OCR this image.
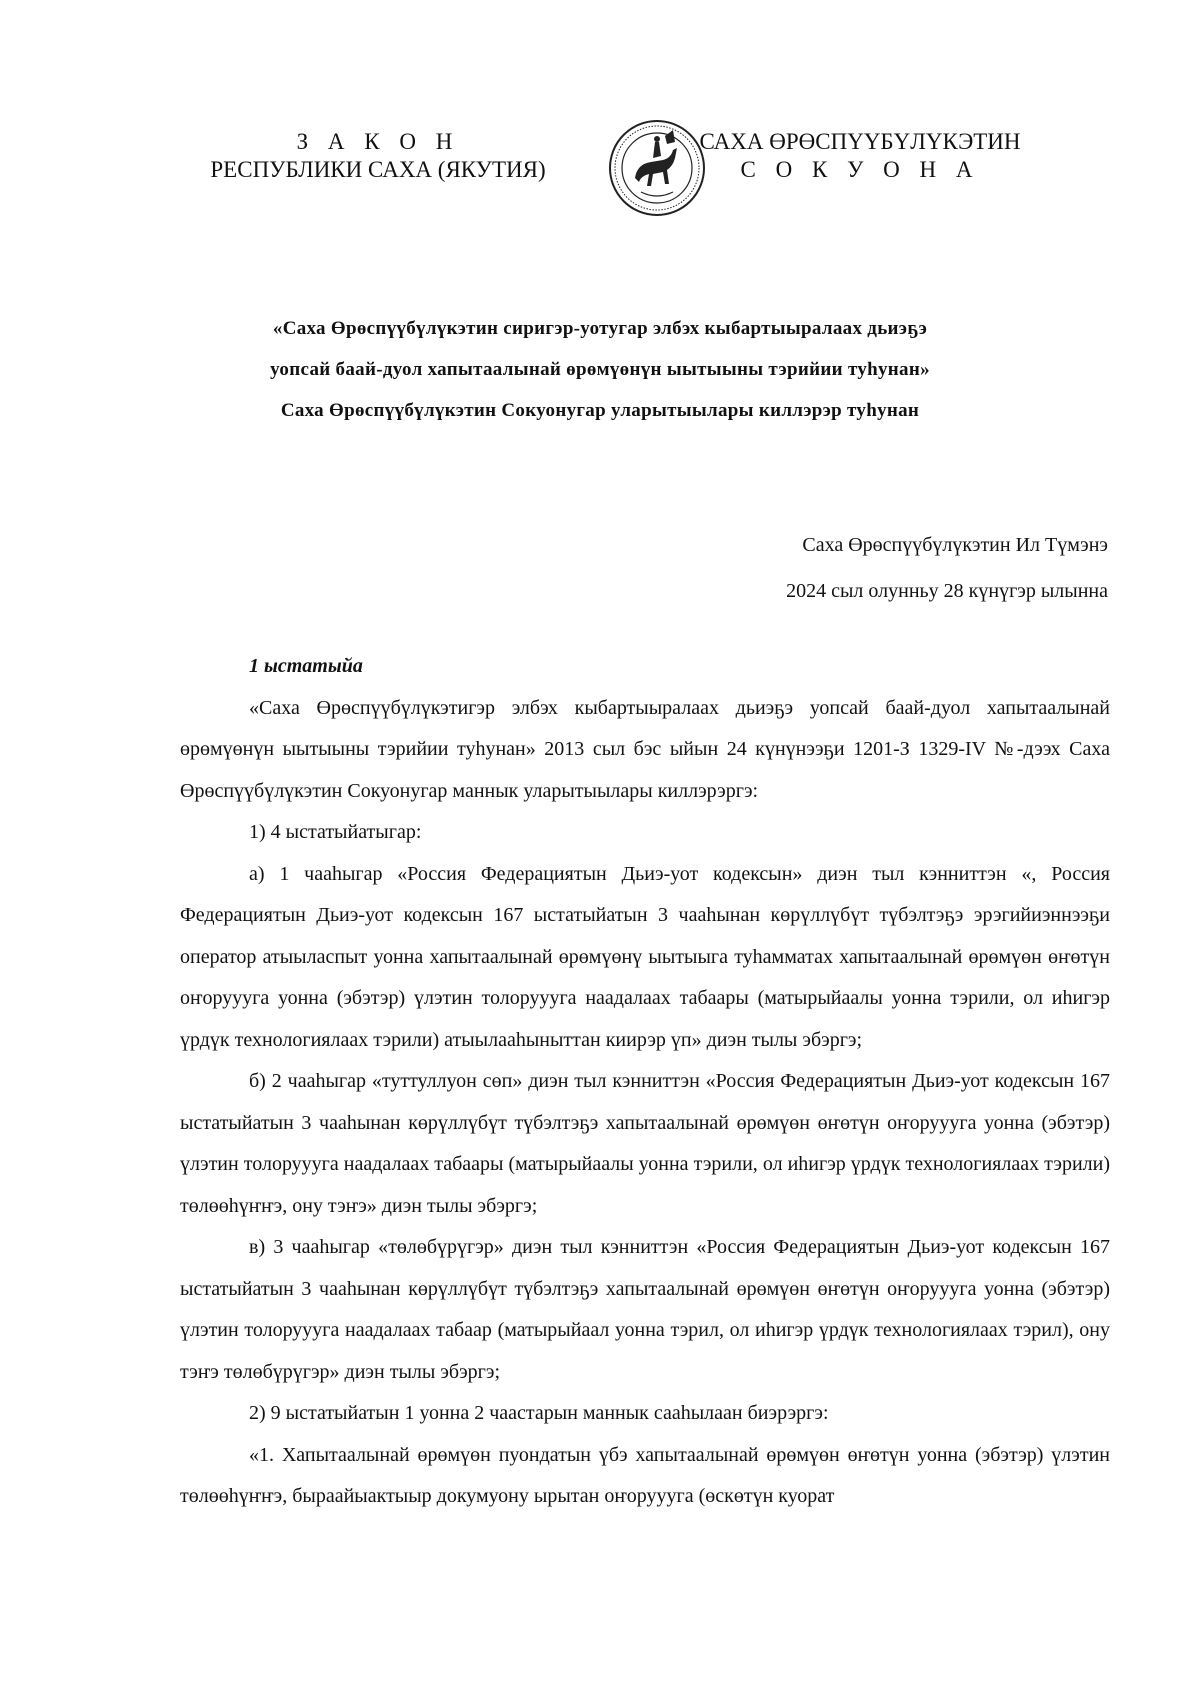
З А К О Н
РЕСПУБЛИКИ САХА (ЯКУТИЯ)
САХА ӨРӨСПҮҮБҮЛҮКЭТИН
С О К У О Н А
«Саха Өрөспүүбүлүкэтин сиригэр-уотугар элбэх кыбартыыралаах дьиэҕэ
уопсай баай-дуол хапытаалынай өрөмүөнүн ыытыыны тэрийии туһунан»
Саха Өрөспүүбүлүкэтин Сокуонугар уларытыылары киллэрэр туһунан
Саха Өрөспүүбүлүкэтин Ил Түмэнэ
2024 сыл олунньу 28 күнүгэр ылынна

1 ыстатыйа

«Саха Өрөспүүбүлүкэтигэр элбэх кыбартыыралаах дьиэҕэ уопсай баай-дуол хапытаалынай өрөмүөнүн ыытыыны тэрийии туһунан» 2013 сыл бэс ыйын 24 күнүнээҕи 1201-З 1329-IV №-дээх Саха Өрөспүүбүлүкэтин Сокуонугар маннык уларытыылары киллэрэргэ:

1) 4 ыстатыйатыгар:

а) 1 чааһыгар «Россия Федерациятын Дьиэ-уот кодексын» диэн тыл кэнниттэн «, Россия Федерациятын Дьиэ-уот кодексын 167 ыстатыйатын 3 чааһынан көрүллүбүт түбэлтэҕэ эрэгийиэннээҕи оператор атыыласпыт уонна хапытаалынай өрөмүөнү ыытыыга туһамматах хапытаалынай өрөмүөн өҥөтүн оҥоруууга уонна (эбэтэр) үлэтин толоруууга наадалаах табаары (матырыйаалы уонна тэрили, ол иһигэр үрдүк технологиялаах тэрили) атыылааһыныттан киирэр үп» диэн тылы эбэргэ;

б) 2 чааһыгар «туттуллуон сөп» диэн тыл кэнниттэн «Россия Федерациятын Дьиэ-уот кодексын 167 ыстатыйатын 3 чааһынан көрүллүбүт түбэлтэҕэ хапытаалынай өрөмүөн өҥөтүн оҥоруууга уонна (эбэтэр) үлэтин толоруууга наадалаах табаары (матырыйаалы уонна тэрили, ол иһигэр үрдүк технологиялаах тэрили) төлөөһүҥҥэ, ону тэҥэ» диэн тылы эбэргэ;

в) 3 чааһыгар «төлөбүрүгэр» диэн тыл кэнниттэн «Россия Федерациятын Дьиэ-уот кодексын 167 ыстатыйатын 3 чааһынан көрүллүбүт түбэлтэҕэ хапытаалынай өрөмүөн өҥөтүн оҥоруууга уонна (эбэтэр) үлэтин толоруууга наадалаах табаар (матырыйаал уонна тэрил, ол иһигэр үрдүк технологиялаах тэрил), ону тэҥэ төлөбүрүгэр» диэн тылы эбэргэ;

2) 9 ыстатыйатын 1 уонна 2 чаастарын маннык сааһылаан биэрэргэ:

«1. Хапытаалынай өрөмүөн пуондатын үбэ хапытаалынай өрөмүөн өҥөтүн уонна (эбэтэр) үлэтин төлөөһүҥҥэ, быраайыактыыр докумуону ырытан оҥоруууга (өскөтүн куорат
